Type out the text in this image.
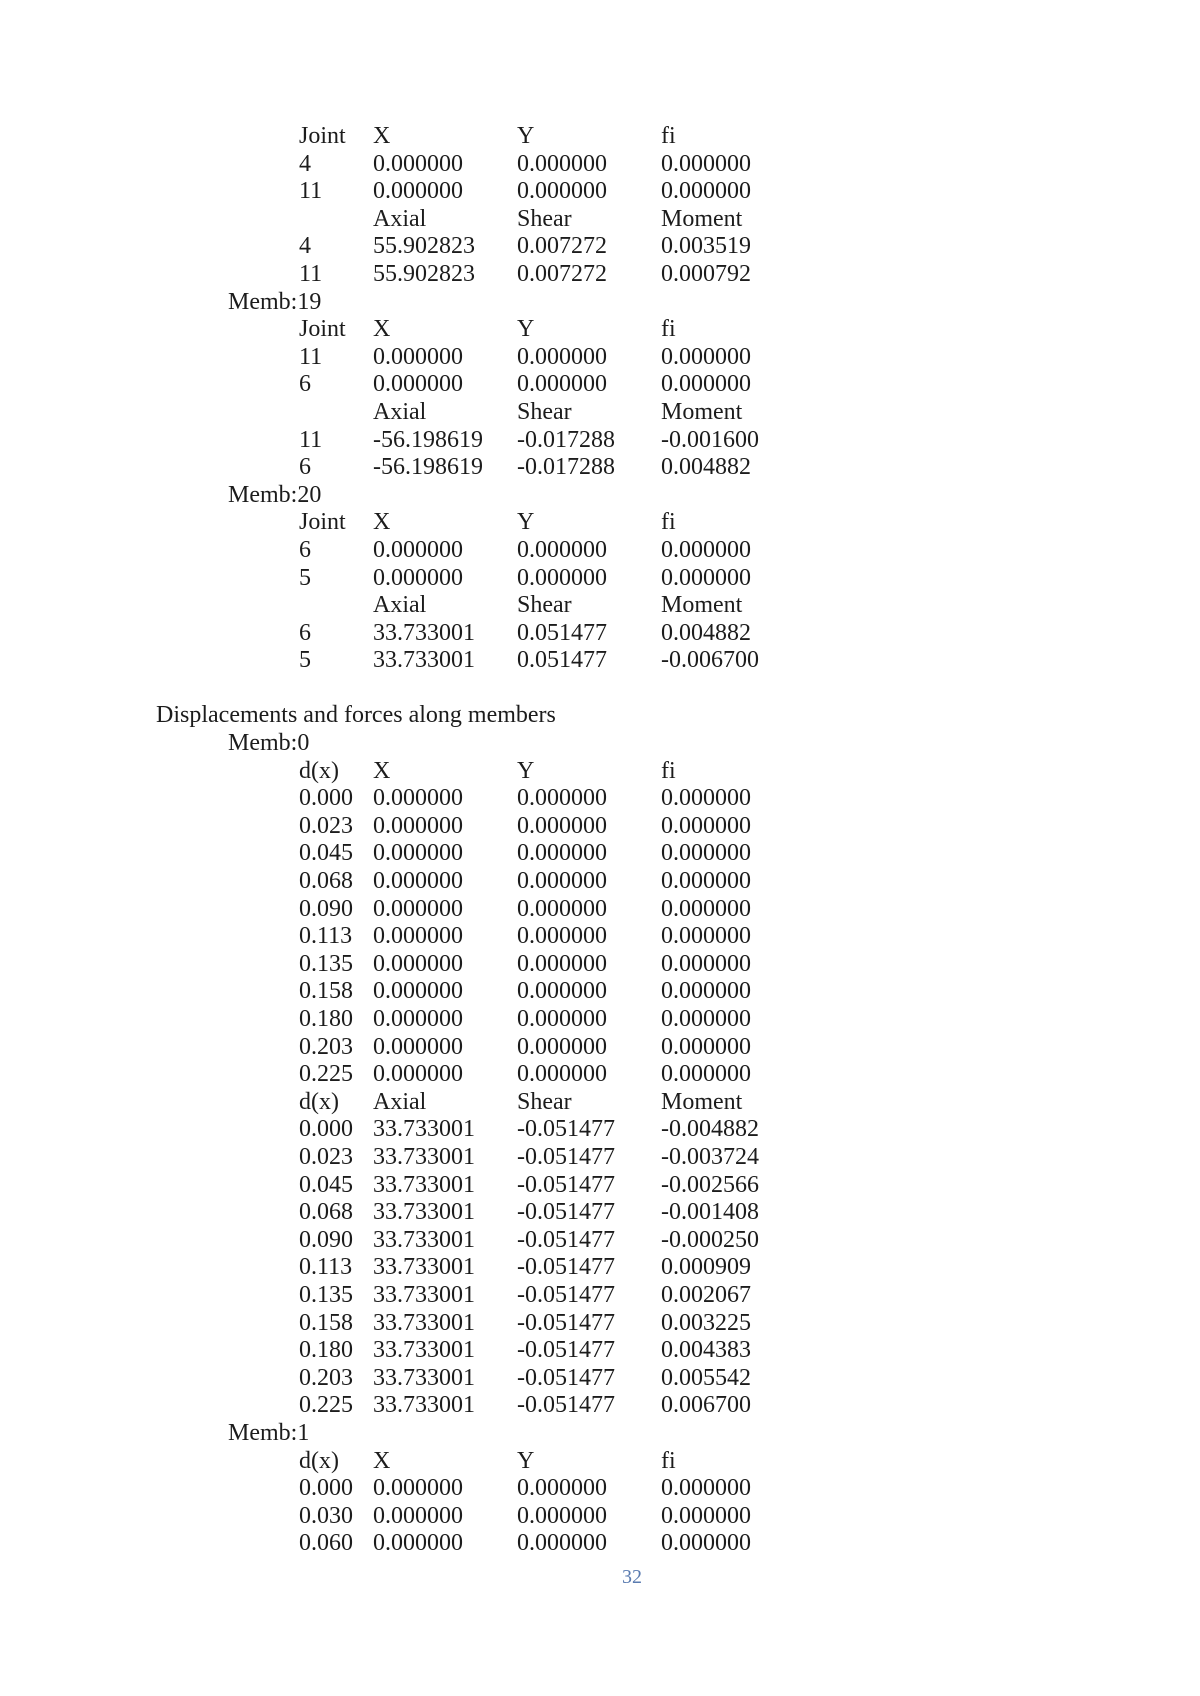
Joint X	Y	fi
4	0.000000 0.000000 0.000000
11 0.000000 0.000000 0.000000
Axial	Shear	Moment
4	55.902823 0.007272 0.003519
11 55.902823 0.007272 0.000792
Memb:19
Joint X	Y	fi
11 0.000000 0.000000 0.000000
6	0.000000 0.000000 0.000000
Axial	Shear	Moment
11 -56.198619 -0.017288 -0.001600
6	-56.198619 -0.017288 0.004882
Memb:20
Joint X	Y	fi
6	0.000000 0.000000 0.000000
5	0.000000 0.000000 0.000000
Axial	Shear	Moment
6	33.733001 0.051477 0.004882
5	33.733001 0.051477 -0.006700
Displacements and forces along members
Memb:0
d(x) X	Y	fi
0.000 0.000000 0.000000 0.000000
0.023 0.000000 0.000000 0.000000
0.045 0.000000 0.000000 0.000000
0.068 0.000000 0.000000 0.000000
0.090 0.000000 0.000000 0.000000
0.113 0.000000 0.000000 0.000000
0.135 0.000000 0.000000 0.000000
0.158 0.000000 0.000000 0.000000
0.180 0.000000 0.000000 0.000000
0.203 0.000000 0.000000 0.000000
0.225 0.000000 0.000000 0.000000
d(x) Axial	Shear	Moment
0.000 33.733001 -0.051477 -0.004882
0.023 33.733001 -0.051477 -0.003724
0.045 33.733001 -0.051477 -0.002566
0.068 33.733001 -0.051477 -0.001408
0.090 33.733001 -0.051477 -0.000250
0.113 33.733001 -0.051477 0.000909
0.135 33.733001 -0.051477 0.002067
0.158 33.733001 -0.051477 0.003225
0.180 33.733001 -0.051477 0.004383
0.203 33.733001 -0.051477 0.005542
0.225 33.733001 -0.051477 0.006700
Memb:1
d(x) X	Y	fi
0.000 0.000000 0.000000 0.000000
0.030 0.000000 0.000000 0.000000
0.060 0.000000 0.000000 0.000000
32
